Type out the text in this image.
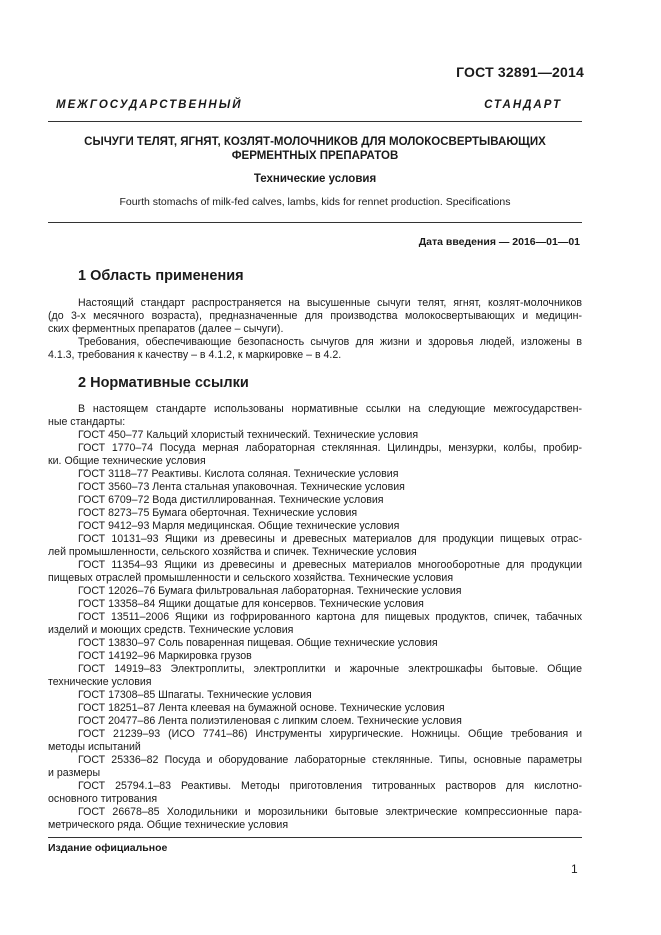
ГОСТ 32891—2014
МЕЖГОСУДАРСТВЕННЫЙ СТАНДАРТ
СЫЧУГИ ТЕЛЯТ, ЯГНЯТ, КОЗЛЯТ-МОЛОЧНИКОВ ДЛЯ МОЛОКОСВЕРТЫВАЮЩИХ
ФЕРМЕНТНЫХ ПРЕПАРАТОВ
Технические условия
Fourth stomachs of milk-fed calves, lambs, kids for rennet production. Specifications
Дата введения — 2016—01—01
1 Область применения
Настоящий стандарт распространяется на высушенные сычуги телят, ягнят, козлят-молочников
(до 3-х месячного возраста), предназначенные для производства молокосвертывающих и медицин-
ских ферментных препаратов (далее – сычуги).
Требования, обеспечивающие безопасность сычугов для жизни и здоровья людей, изложены в
4.1.3, требования к качеству – в 4.1.2, к маркировке – в 4.2.
2 Нормативные ссылки
В настоящем стандарте использованы нормативные ссылки на следующие межгосударствен-
ные стандарты:
ГОСТ 450–77 Кальций хлористый технический. Технические условия
ГОСТ 1770–74 Посуда мерная лабораторная стеклянная. Цилиндры, мензурки, колбы, пробир-
ки. Общие технические условия
ГОСТ 3118–77 Реактивы. Кислота соляная. Технические условия
ГОСТ 3560–73 Лента стальная упаковочная. Технические условия
ГОСТ 6709–72 Вода дистиллированная. Технические условия
ГОСТ 8273–75 Бумага оберточная. Технические условия
ГОСТ 9412–93 Марля медицинская. Общие технические условия
ГОСТ 10131–93 Ящики из древесины и древесных материалов для продукции пищевых отрас-
лей промышленности, сельского хозяйства и спичек. Технические условия
ГОСТ 11354–93 Ящики из древесины и древесных материалов многооборотные для продукции
пищевых отраслей промышленности и сельского хозяйства. Технические условия
ГОСТ 12026–76 Бумага фильтровальная лабораторная. Технические условия
ГОСТ 13358–84 Ящики дощатые для консервов. Технические условия
ГОСТ 13511–2006 Ящики из гофрированного картона для пищевых продуктов, спичек, табачных
изделий и моющих средств. Технические условия
ГОСТ 13830–97 Соль поваренная пищевая. Общие технические условия
ГОСТ 14192–96 Маркировка грузов
ГОСТ 14919–83 Электроплиты, электроплитки и жарочные электрошкафы бытовые. Общие
технические условия
ГОСТ 17308–85 Шпагаты. Технические условия
ГОСТ 18251–87 Лента клеевая на бумажной основе. Технические условия
ГОСТ 20477–86 Лента полиэтиленовая с липким слоем. Технические условия
ГОСТ 21239–93 (ИСО 7741–86) Инструменты хирургические. Ножницы. Общие требования и
методы испытаний
ГОСТ 25336–82 Посуда и оборудование лабораторные стеклянные. Типы, основные параметры
и размеры
ГОСТ 25794.1–83 Реактивы. Методы приготовления титрованных растворов для кислотно-
основного титрования
ГОСТ 26678–85 Холодильники и морозильники бытовые электрические компрессионные пара-
метрического ряда. Общие технические условия
Издание официальное
1
